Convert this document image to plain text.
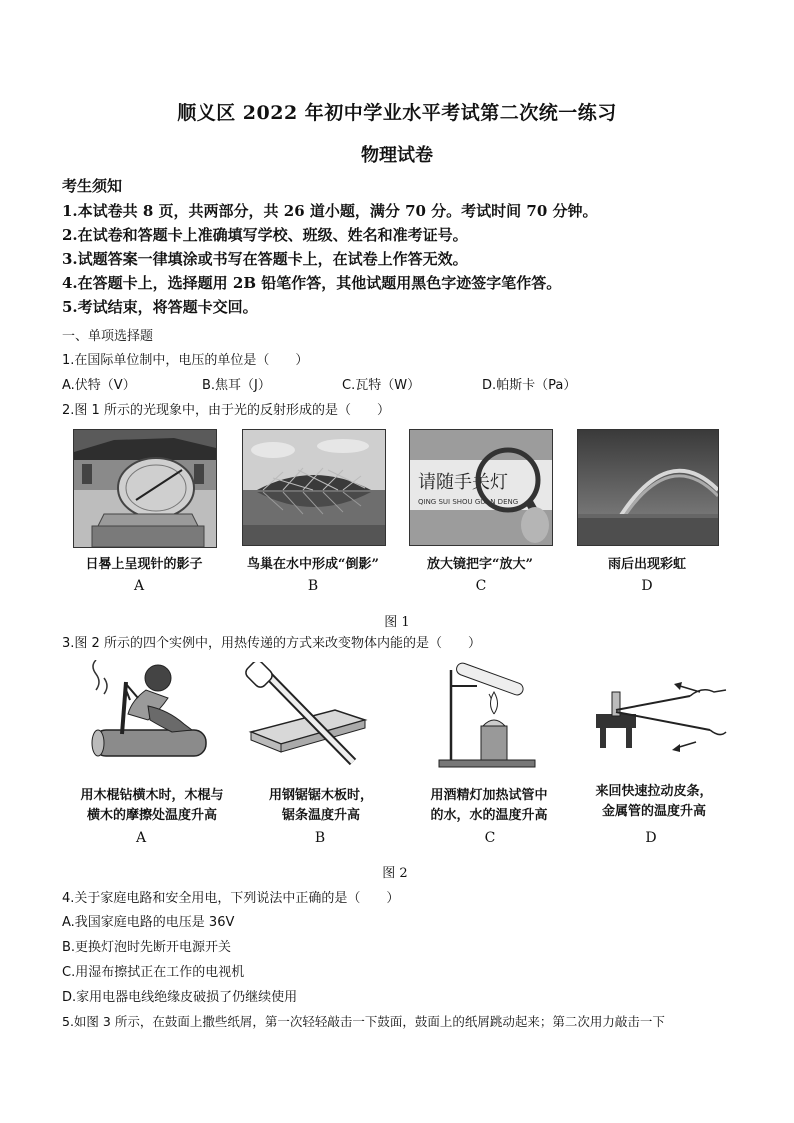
顺义区 2022 年初中学业水平考试第二次统一练习
物理试卷
考生须知
1.本试卷共 8 页，共两部分，共 26 道小题，满分 70 分。考试时间 70 分钟。
2.在试卷和答题卡上准确填写学校、班级、姓名和准考证号。
3.试题答案一律填涂或书写在答题卡上，在试卷上作答无效。
4.在答题卡上，选择题用 2B 铅笔作答，其他试题用黑色字迹签字笔作答。
5.考试结束，将答题卡交回。
一、单项选择题
1.在国际单位制中，电压的单位是（　　）
A.伏特（V）	B.焦耳（J）	C.瓦特（W）	D.帕斯卡（Pa）
2.图 1 所示的光现象中，由于光的反射形成的是（　　）
请随手关灯
QING SUI SHOU GUAN DENG
日晷上呈现针的影子	鸟巢在水中形成“倒影”	放大镜把字“放大”	雨后出现彩虹
A	B	C	D
图 1
3.图 2 所示的四个实例中，用热传递的方式来改变物体内能的是（　　）
用木棍钻横木时，木棍与
横木的摩擦处温度升高
用钢锯锯木板时，
锯条温度升高
用酒精灯加热试管中
的水，水的温度升高
来回快速拉动皮条，
金属管的温度升高
A	B	C	D
图 2
4.关于家庭电路和安全用电，下列说法中正确的是（　　）
A.我国家庭电路的电压是 36V
B.更换灯泡时先断开电源开关
C.用湿布擦拭正在工作的电视机
D.家用电器电线绝缘皮破损了仍继续使用
5.如图 3 所示，在鼓面上撒些纸屑，第一次轻轻敲击一下鼓面，鼓面上的纸屑跳动起来；第二次用力敲击一下
